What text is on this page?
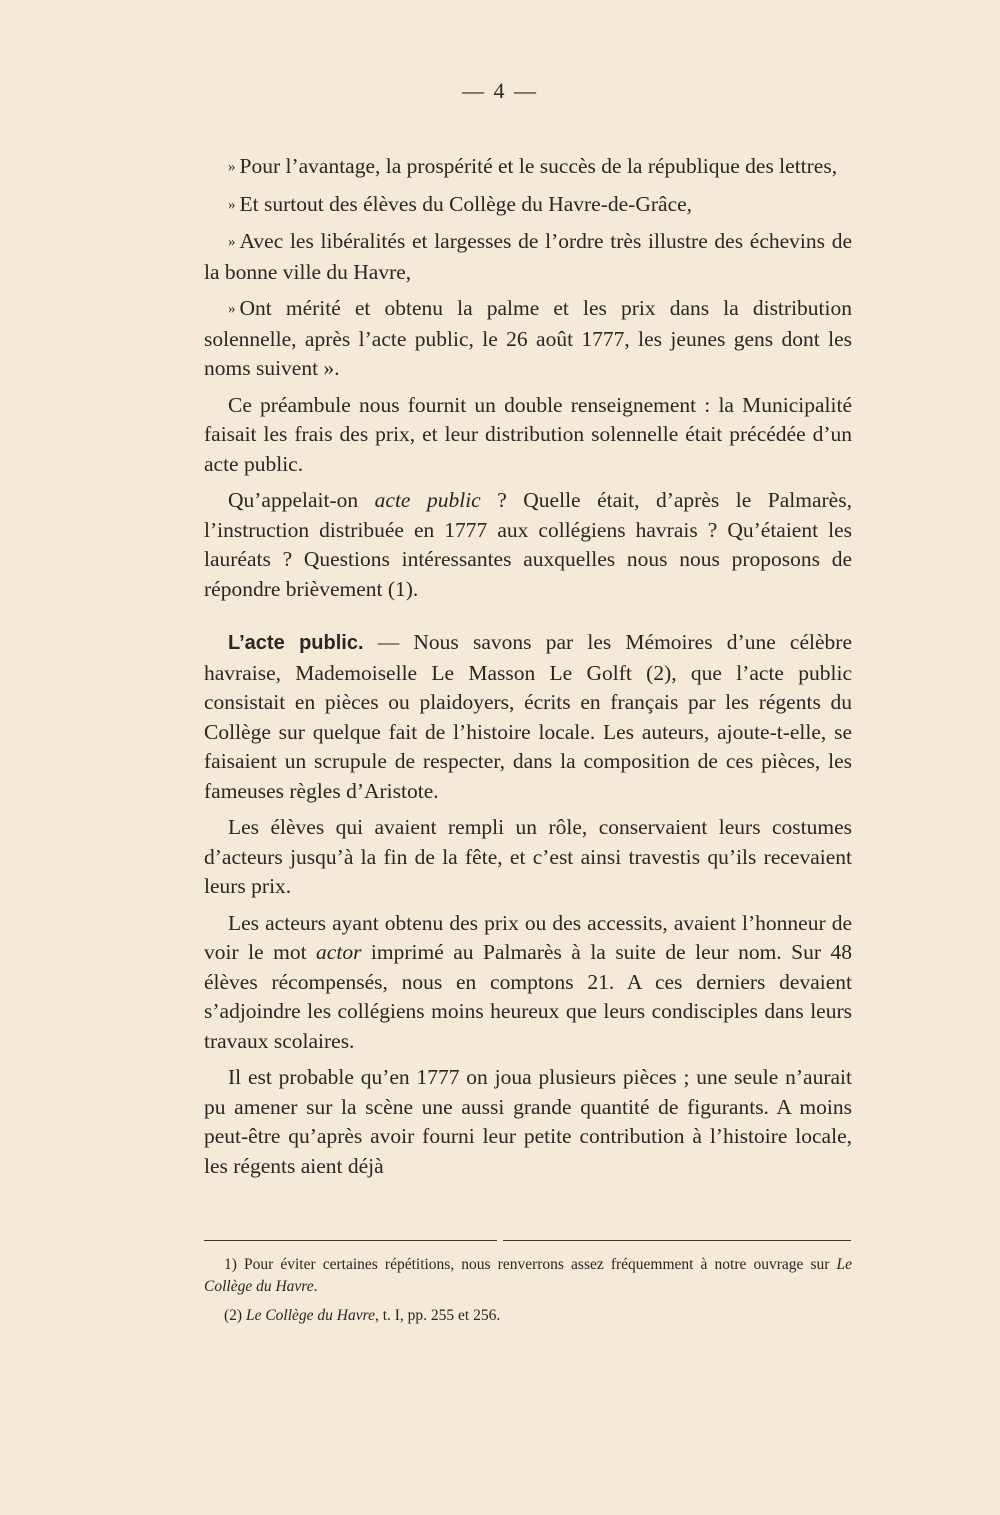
— 4 —

» Pour l’avantage, la prospérité et le succès de la république des lettres,

» Et surtout des élèves du Collège du Havre-de-Grâce,

» Avec les libéralités et largesses de l’ordre très illustre des échevins de la bonne ville du Havre,

» Ont mérité et obtenu la palme et les prix dans la distribution solennelle, après l’acte public, le 26 août 1777, les jeunes gens dont les noms suivent ».

Ce préambule nous fournit un double renseignement : la Municipalité faisait les frais des prix, et leur distribution solennelle était précédée d’un acte public.

Qu’appelait-on acte public ? Quelle était, d’après le Palmarès, l’instruction distribuée en 1777 aux collégiens havrais ? Qu’étaient les lauréats ? Questions intéressantes auxquelles nous nous proposons de répondre brièvement (1).

L’acte public. — Nous savons par les Mémoires d’une célèbre havraise, Mademoiselle Le Masson Le Golft (2), que l’acte public consistait en pièces ou plaidoyers, écrits en français par les régents du Collège sur quelque fait de l’histoire locale. Les auteurs, ajoute-t-elle, se faisaient un scrupule de respecter, dans la composition de ces pièces, les fameuses règles d’Aristote.

Les élèves qui avaient rempli un rôle, conservaient leurs costumes d’acteurs jusqu’à la fin de la fête, et c’est ainsi travestis qu’ils recevaient leurs prix.

Les acteurs ayant obtenu des prix ou des accessits, avaient l’honneur de voir le mot actor imprimé au Palmarès à la suite de leur nom. Sur 48 élèves récompensés, nous en comptons 21. A ces derniers devaient s’adjoindre les collégiens moins heureux que leurs condisciples dans leurs travaux scolaires.

Il est probable qu’en 1777 on joua plusieurs pièces ; une seule n’aurait pu amener sur la scène une aussi grande quantité de figurants. A moins peut-être qu’après avoir fourni leur petite contribution à l’histoire locale, les régents aient déjà

1) Pour éviter certaines répétitions, nous renverrons assez fréquemment à notre ouvrage sur Le Collège du Havre.

(2) Le Collège du Havre, t. I, pp. 255 et 256.
